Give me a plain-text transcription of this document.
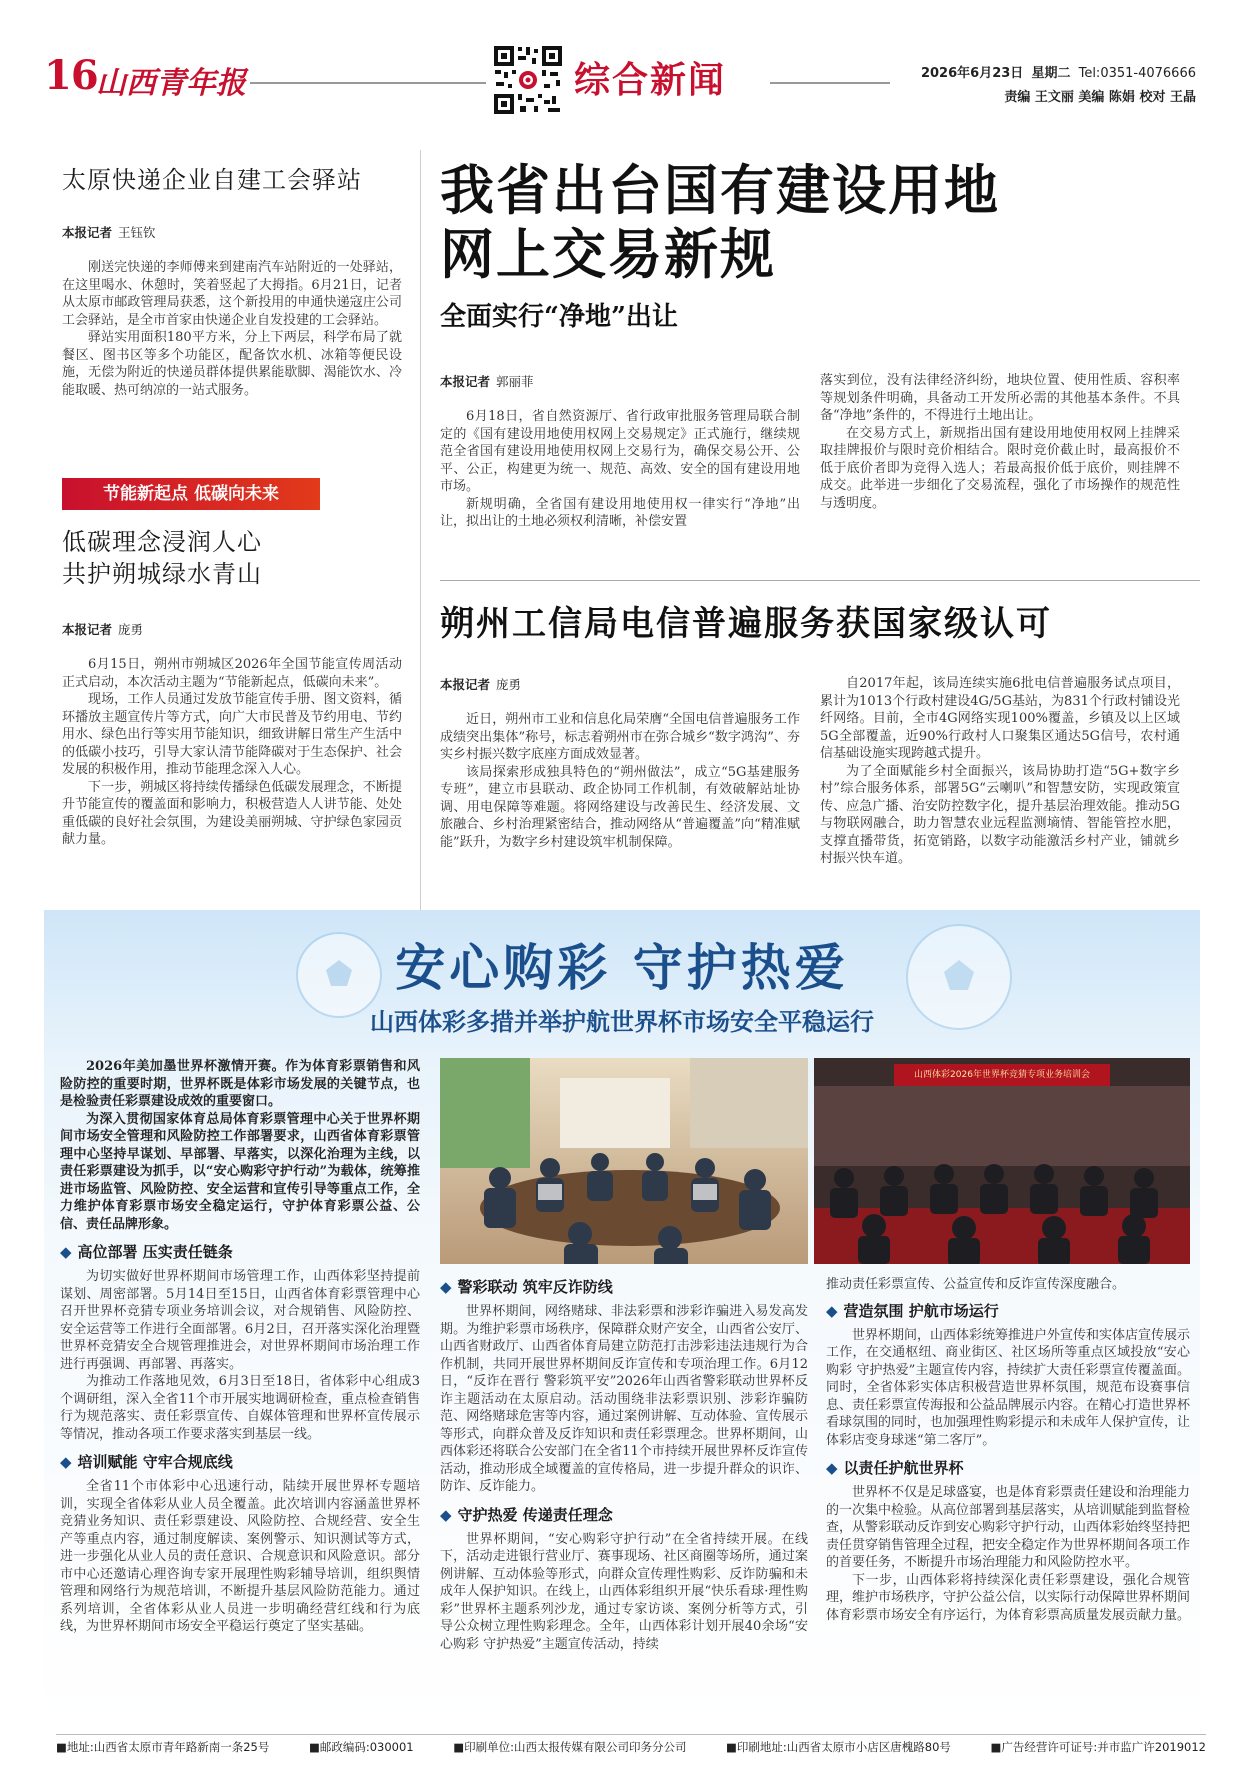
16
山西青年报	综合新闻	2026年6月23日 星期二 Tel:0351-4076666
责编 王文丽 美编 陈娟 校对 王晶
太原快递企业自建工会驿站
本报记者 王钰钦

刚送完快递的李师傅来到建南汽车站附近的一处驿站，在这里喝水、休憩时，笑着竖起了大拇指。6月21日，记者从太原市邮政管理局获悉，这个新投用的申通快递寇庄公司工会驿站，是全市首家由快递企业自发投建的工会驿站。

驿站实用面积180平方米，分上下两层，科学布局了就餐区、图书区等多个功能区，配备饮水机、冰箱等便民设施，无偿为附近的快递员群体提供累能歇脚、渴能饮水、冷能取暖、热可纳凉的一站式服务。

节能新起点 低碳向未来
低碳理念浸润人心
共护朔城绿水青山
本报记者 庞勇

6月15日，朔州市朔城区2026年全国节能宣传周活动正式启动，本次活动主题为“节能新起点，低碳向未来”。

现场，工作人员通过发放节能宣传手册、图文资料，循环播放主题宣传片等方式，向广大市民普及节约用电、节约用水、绿色出行等实用节能知识，细致讲解日常生产生活中的低碳小技巧，引导大家认清节能降碳对于生态保护、社会发展的积极作用，推动节能理念深入人心。

下一步，朔城区将持续传播绿色低碳发展理念，不断提升节能宣传的覆盖面和影响力，积极营造人人讲节能、处处重低碳的良好社会氛围，为建设美丽朔城、守护绿色家园贡献力量。

我省出台国有建设用地
网上交易新规
全面实行“净地”出让
本报记者 郭丽菲

6月18日，省自然资源厅、省行政审批服务管理局联合制定的《国有建设用地使用权网上交易规定》正式施行，继续规范全省国有建设用地使用权网上交易行为，确保交易公开、公平、公正，构建更为统一、规范、高效、安全的国有建设用地市场。

新规明确，全省国有建设用地使用权一律实行“净地”出让，拟出让的土地必须权利清晰，补偿安置

落实到位，没有法律经济纠纷，地块位置、使用性质、容积率等规划条件明确，具备动工开发所必需的其他基本条件。不具备“净地”条件的，不得进行土地出让。

在交易方式上，新规指出国有建设用地使用权网上挂牌采取挂牌报价与限时竞价相结合。限时竞价截止时，最高报价不低于底价者即为竞得入选人；若最高报价低于底价，则挂牌不成交。此举进一步细化了交易流程，强化了市场操作的规范性与透明度。

朔州工信局电信普遍服务获国家级认可
本报记者 庞勇

近日，朔州市工业和信息化局荣膺“全国电信普遍服务工作成绩突出集体”称号，标志着朔州市在弥合城乡“数字鸿沟”、夯实乡村振兴数字底座方面成效显著。

该局探索形成独具特色的“朔州做法”，成立“5G基建服务专班”，建立市县联动、政企协同工作机制，有效破解站址协调、用电保障等难题。将网络建设与改善民生、经济发展、文旅融合、乡村治理紧密结合，推动网络从“普遍覆盖”向“精准赋能”跃升，为数字乡村建设筑牢机制保障。

自2017年起，该局连续实施6批电信普遍服务试点项目，累计为1013个行政村建设4G/5G基站，为831个行政村铺设光纤网络。目前，全市4G网络实现100%覆盖，乡镇及以上区域5G全部覆盖，近90%行政村人口聚集区通达5G信号，农村通信基础设施实现跨越式提升。

为了全面赋能乡村全面振兴，该局协助打造“5G+数字乡村”综合服务体系，部署5G“云喇叭”和智慧安防，实现政策宣传、应急广播、治安防控数字化，提升基层治理效能。推动5G与物联网融合，助力智慧农业远程监测墒情、智能管控水肥，支撑直播带货，拓宽销路，以数字动能激活乡村产业，铺就乡村振兴快车道。

安心购彩 守护热爱
山西体彩多措并举护航世界杯市场安全平稳运行

2026年美加墨世界杯激情开赛。作为体育彩票销售和风险防控的重要时期，世界杯既是体彩市场发展的关键节点，也是检验责任彩票建设成效的重要窗口。

为深入贯彻国家体育总局体育彩票管理中心关于世界杯期间市场安全管理和风险防控工作部署要求，山西省体育彩票管理中心坚持早谋划、早部署、早落实，以深化治理为主线，以责任彩票建设为抓手，以“安心购彩守护行动”为载体，统筹推进市场监管、风险防控、安全运营和宣传引导等重点工作，全力维护体育彩票市场安全稳定运行，守护体育彩票公益、公信、责任品牌形象。

◆ 高位部署 压实责任链条

为切实做好世界杯期间市场管理工作，山西体彩坚持提前谋划、周密部署。5月14日至15日，山西省体育彩票管理中心召开世界杯竞猜专项业务培训会议，对合规销售、风险防控、安全运营等工作进行全面部署。6月2日，召开落实深化治理暨世界杯竞猜安全合规管理推进会，对世界杯期间市场治理工作进行再强调、再部署、再落实。

为推动工作落地见效，6月3日至18日，省体彩中心组成3个调研组，深入全省11个市开展实地调研检查，重点检查销售行为规范落实、责任彩票宣传、自媒体管理和世界杯宣传展示等情况，推动各项工作要求落实到基层一线。

◆ 培训赋能 守牢合规底线

全省11个市体彩中心迅速行动，陆续开展世界杯专题培训，实现全省体彩从业人员全覆盖。此次培训内容涵盖世界杯竞猜业务知识、责任彩票建设、风险防控、合规经营、安全生产等重点内容，通过制度解读、案例警示、知识测试等方式，进一步强化从业人员的责任意识、合规意识和风险意识。部分市中心还邀请心理咨询专家开展理性购彩辅导培训，组织舆情管理和网络行为规范培训，不断提升基层风险防范能力。通过系列培训，全省体彩从业人员进一步明确经营红线和行为底线，为世界杯期间市场安全平稳运行奠定了坚实基础。

山西体彩2026年世界杯竞猜专项业务培训会
◆ 警彩联动 筑牢反诈防线

世界杯期间，网络赌球、非法彩票和涉彩诈骗进入易发高发期。为维护彩票市场秩序，保障群众财产安全，山西省公安厅、山西省财政厅、山西省体育局建立防范打击涉彩违法违规行为合作机制，共同开展世界杯期间反诈宣传和专项治理工作。6月12日，“反诈在晋行 警彩筑平安”2026年山西省警彩联动世界杯反诈主题活动在太原启动。活动围绕非法彩票识别、涉彩诈骗防范、网络赌球危害等内容，通过案例讲解、互动体验、宣传展示等形式，向群众普及反诈知识和责任彩票理念。世界杯期间，山西体彩还将联合公安部门在全省11个市持续开展世界杯反诈宣传活动，推动形成全域覆盖的宣传格局，进一步提升群众的识诈、防诈、反诈能力。

◆ 守护热爱 传递责任理念

世界杯期间，“安心购彩守护行动”在全省持续开展。在线下，活动走进银行营业厅、赛事现场、社区商圈等场所，通过案例讲解、互动体验等形式，向群众宣传理性购彩、反诈防骗和未成年人保护知识。在线上，山西体彩组织开展“快乐看球·理性购彩”世界杯主题系列沙龙，通过专家访谈、案例分析等方式，引导公众树立理性购彩理念。全年，山西体彩计划开展40余场“安心购彩 守护热爱”主题宣传活动，持续

推动责任彩票宣传、公益宣传和反诈宣传深度融合。

◆ 营造氛围 护航市场运行

世界杯期间，山西体彩统筹推进户外宣传和实体店宣传展示工作，在交通枢纽、商业街区、社区场所等重点区域投放“安心购彩 守护热爱”主题宣传内容，持续扩大责任彩票宣传覆盖面。同时，全省体彩实体店积极营造世界杯氛围，规范布设赛事信息、责任彩票宣传海报和公益品牌展示内容。在精心打造世界杯看球氛围的同时，也加强理性购彩提示和未成年人保护宣传，让体彩店变身球迷“第二客厅”。

◆ 以责任护航世界杯

世界杯不仅是足球盛宴，也是体育彩票责任建设和治理能力的一次集中检验。从高位部署到基层落实，从培训赋能到监督检查，从警彩联动反诈到安心购彩守护行动，山西体彩始终坚持把责任贯穿销售管理全过程，把安全稳定作为世界杯期间各项工作的首要任务，不断提升市场治理能力和风险防控水平。

下一步，山西体彩将持续深化责任彩票建设，强化合规管理，维护市场秩序，守护公益公信，以实际行动保障世界杯期间体育彩票市场安全有序运行，为体育彩票高质量发展贡献力量。

■地址:山西省太原市青年路新南一条25号	■邮政编码:030001	■印刷单位:山西太报传媒有限公司印务分公司	■印刷地址:山西省太原市小店区唐槐路80号	■广告经营许可证号:并市监广许2019012
